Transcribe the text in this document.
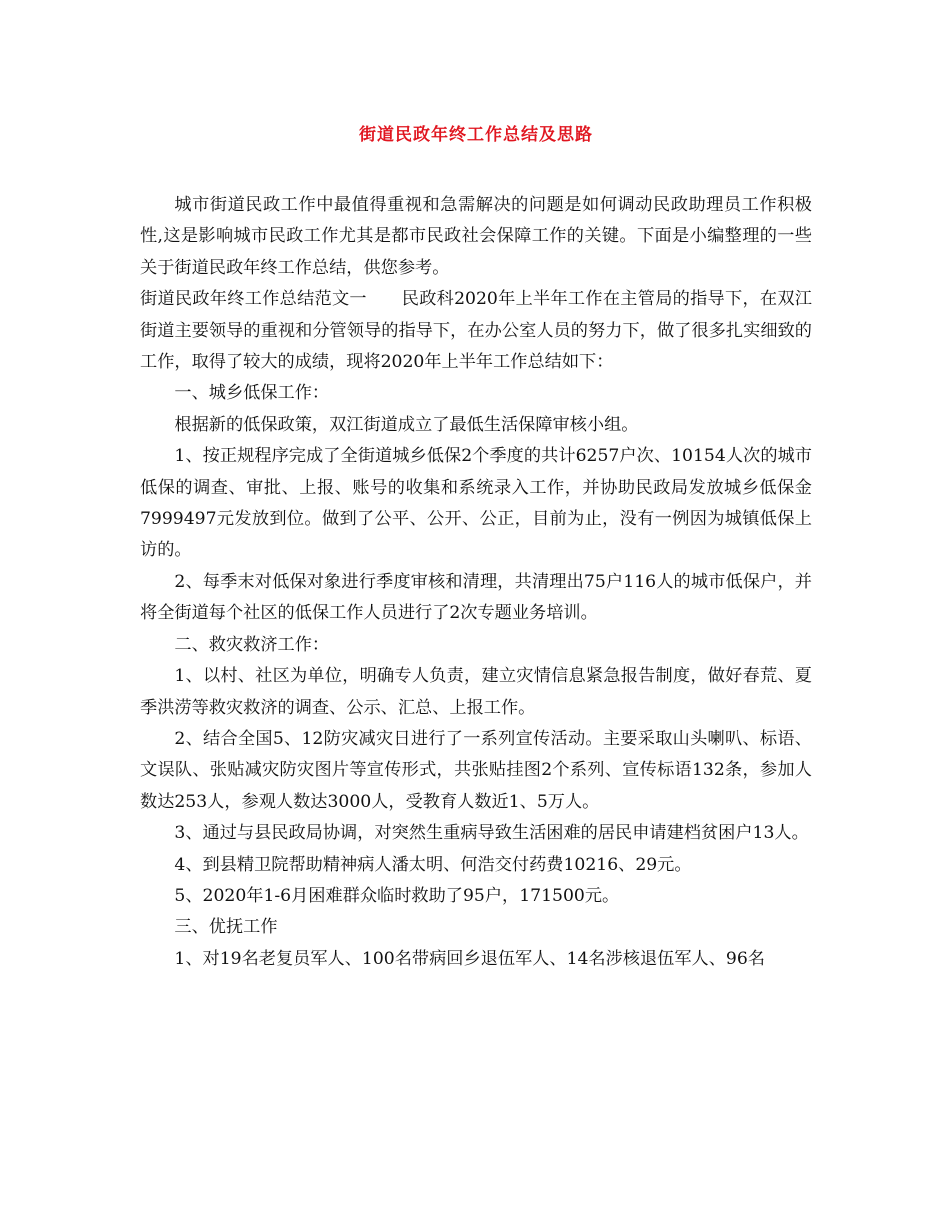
街道民政年终工作总结及思路

城市街道民政工作中最值得重视和急需解决的问题是如何调动民政助理员工作积极性,这是影响城市民政工作尤其是都市民政社会保障工作的关键。下面是小编整理的一些关于街道民政年终工作总结，供您参考。

街道民政年终工作总结范文一　　民政科2020年上半年工作在主管局的指导下，在双江街道主要领导的重视和分管领导的指导下，在办公室人员的努力下，做了很多扎实细致的工作，取得了较大的成绩，现将2020年上半年工作总结如下：

一、城乡低保工作：

根据新的低保政策，双江街道成立了最低生活保障审核小组。

1、按正规程序完成了全街道城乡低保2个季度的共计6257户次、10154人次的城市低保的调查、审批、上报、账号的收集和系统录入工作，并协助民政局发放城乡低保金7999497元发放到位。做到了公平、公开、公正，目前为止，没有一例因为城镇低保上访的。

2、每季末对低保对象进行季度审核和清理，共清理出75户116人的城市低保户，并将全街道每个社区的低保工作人员进行了2次专题业务培训。

二、救灾救济工作：

1、以村、社区为单位，明确专人负责，建立灾情信息紧急报告制度，做好春荒、夏季洪涝等救灾救济的调查、公示、汇总、上报工作。

2、结合全国5、12防灾减灾日进行了一系列宣传活动。主要采取山头喇叭、标语、文误队、张贴减灾防灾图片等宣传形式，共张贴挂图2个系列、宣传标语132条，参加人数达253人，参观人数达3000人，受教育人数近1、5万人。

3、通过与县民政局协调，对突然生重病导致生活困难的居民申请建档贫困户13人。

4、到县精卫院帮助精神病人潘太明、何浩交付药费10216、29元。

5、2020年1-6月困难群众临时救助了95户，171500元。

三、优抚工作

1、对19名老复员军人、100名带病回乡退伍军人、14名涉核退伍军人、96名
